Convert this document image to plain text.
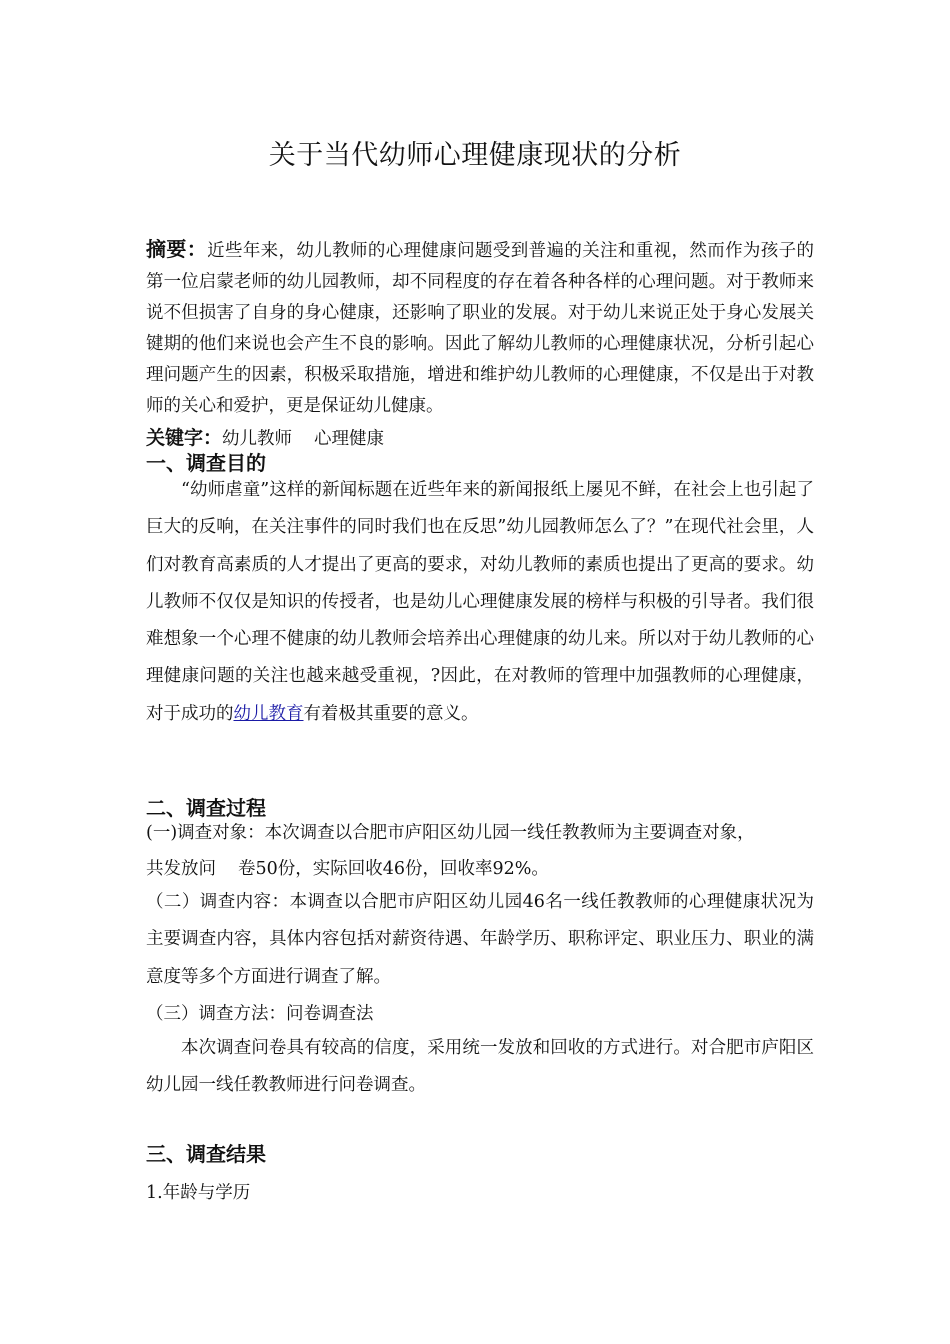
关于当代幼师心理健康现状的分析
摘要：近些年来，幼儿教师的心理健康问题受到普遍的关注和重视，然而作为孩子的第一位启蒙老师的幼儿园教师，却不同程度的存在着各种各样的心理问题。对于教师来说不但损害了自身的身心健康，还影响了职业的发展。对于幼儿来说正处于身心发展关键期的他们来说也会产生不良的影响。因此了解幼儿教师的心理健康状况，分析引起心理问题产生的因素，积极采取措施，增进和维护幼儿教师的心理健康，不仅是出于对教师的关心和爱护，更是保证幼儿健康。
关键字：幼儿教师 心理健康
一、调查目的
“幼师虐童”这样的新闻标题在近些年来的新闻报纸上屡见不鲜，在社会上也引起了巨大的反响，在关注事件的同时我们也在反思”幼儿园教师怎么了？”在现代社会里，人们对教育高素质的人才提出了更高的要求，对幼儿教师的素质也提出了更高的要求。幼儿教师不仅仅是知识的传授者，也是幼儿心理健康发展的榜样与积极的引导者。我们很难想象一个心理不健康的幼儿教师会培养出心理健康的幼儿来。所以对于幼儿教师的心理健康问题的关注也越来越受重视，?因此，在对教师的管理中加强教师的心理健康，对于成功的幼儿教育有着极其重要的意义。
二、调查过程
(一)调查对象：本次调查以合肥市庐阳区幼儿园一线任教教师为主要调查对象，
共发放问 卷50份，实际回收46份，回收率92%。
（二）调查内容：本调查以合肥市庐阳区幼儿园46名一线任教教师的心理健康状况为主要调查内容，具体内容包括对薪资待遇、年龄学历、职称评定、职业压力、职业的满意度等多个方面进行调查了解。
（三）调查方法：问卷调查法
本次调查问卷具有较高的信度，采用统一发放和回收的方式进行。对合肥市庐阳区幼儿园一线任教教师进行问卷调查。
三、调查结果
1.年龄与学历
